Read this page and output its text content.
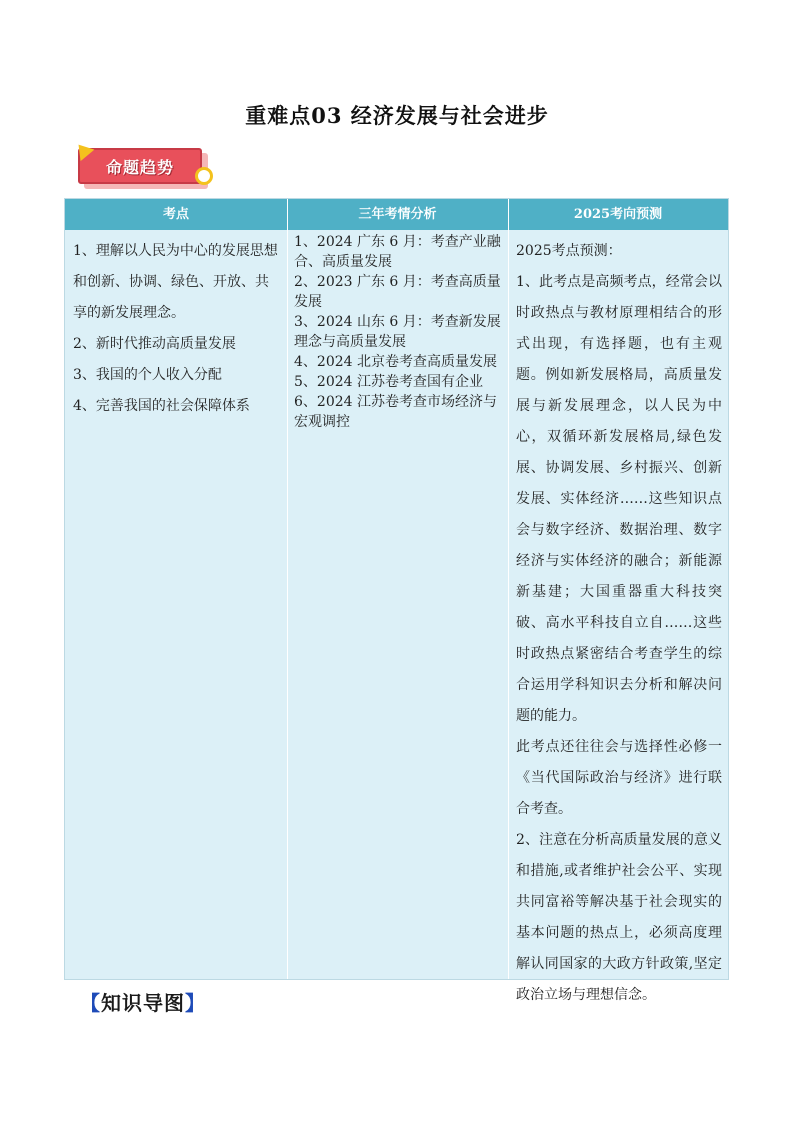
重难点03 经济发展与社会进步
命题趋势
考点	三年考情分析	2025考向预测

1、理解以人民为中心的发展思想和创新、协调、绿色、开放、共享的新发展理念。

2、新时代推动高质量发展

3、我国的个人收入分配

4、完善我国的社会保障体系

1、2024 广东 6 月：考查产业融合、高质量发展

2、2023 广东 6 月：考查高质量发展

3、2024 山东 6 月：考查新发展理念与高质量发展

4、2024 北京卷考查高质量发展

5、2024 江苏卷考查国有企业

6、2024 江苏卷考查市场经济与宏观调控

2025考点预测：

1、此考点是高频考点，经常会以时政热点与教材原理相结合的形式出现，有选择题，也有主观题。例如新发展格局，高质量发展与新发展理念，以人民为中心，双循环新发展格局,绿色发展、协调发展、乡村振兴、创新发展、实体经济……这些知识点会与数字经济、数据治理、数字经济与实体经济的融合；新能源新基建；大国重器重大科技突破、高水平科技自立自……这些时政热点紧密结合考查学生的综合运用学科知识去分析和解决问题的能力。

此考点还往往会与选择性必修一《当代国际政治与经济》进行联合考查。

2、注意在分析高质量发展的意义和措施,或者维护社会公平、实现共同富裕等解决基于社会现实的基本问题的热点上，必须高度理解认同国家的大政方针政策,坚定政治立场与理想信念。

【知识导图】
